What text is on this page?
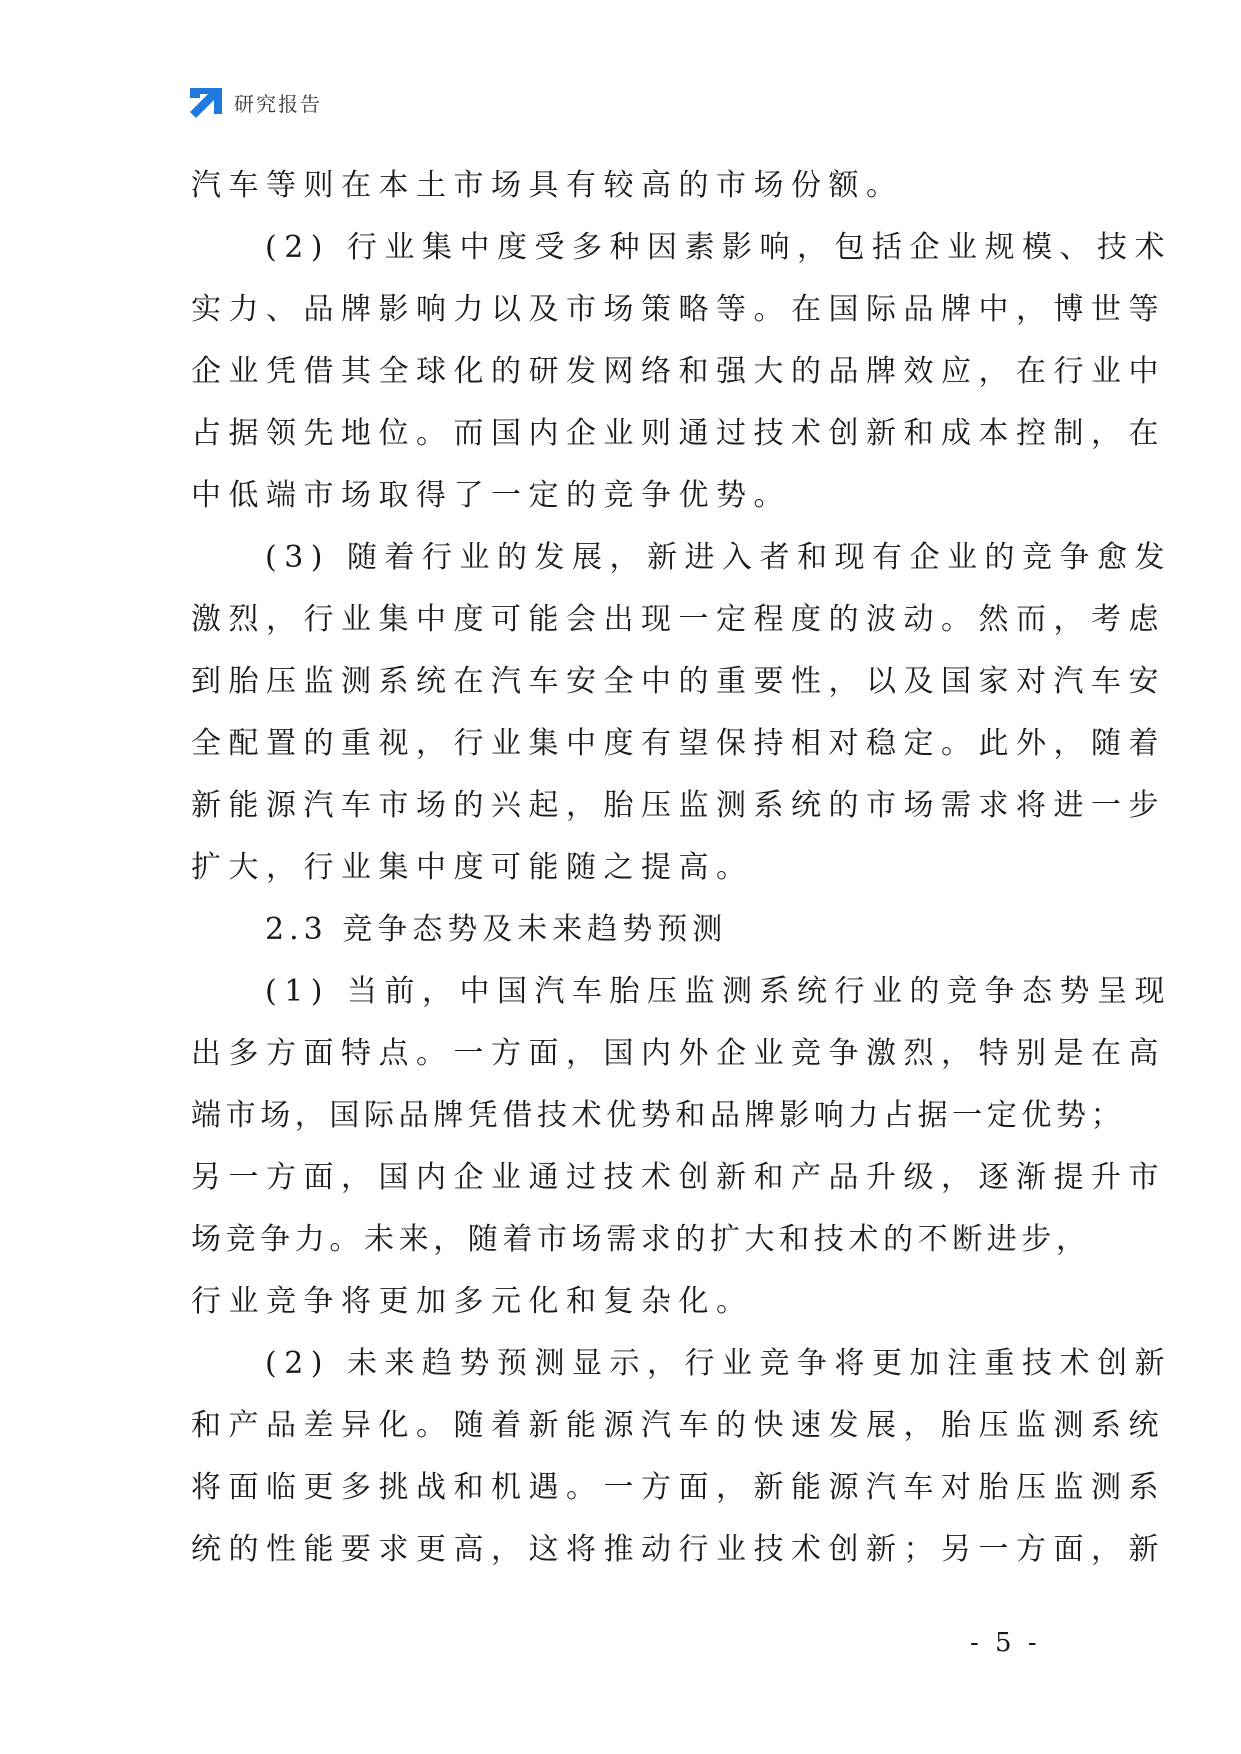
研究报告
汽车等则在本土市场具有较高的市场份额。
(2) 行业集中度受多种因素影响，包括企业规模、技术
实力、品牌影响力以及市场策略等。在国际品牌中，博世等
企业凭借其全球化的研发网络和强大的品牌效应，在行业中
占据领先地位。而国内企业则通过技术创新和成本控制，在
中低端市场取得了一定的竞争优势。
(3) 随着行业的发展，新进入者和现有企业的竞争愈发
激烈，行业集中度可能会出现一定程度的波动。然而，考虑
到胎压监测系统在汽车安全中的重要性，以及国家对汽车安
全配置的重视，行业集中度有望保持相对稳定。此外，随着
新能源汽车市场的兴起，胎压监测系统的市场需求将进一步
扩大，行业集中度可能随之提高。
2.3 竞争态势及未来趋势预测
(1) 当前，中国汽车胎压监测系统行业的竞争态势呈现
出多方面特点。一方面，国内外企业竞争激烈，特别是在高
端市场，国际品牌凭借技术优势和品牌影响力占据一定优势；
另一方面，国内企业通过技术创新和产品升级，逐渐提升市
场竞争力。未来，随着市场需求的扩大和技术的不断进步，
行业竞争将更加多元化和复杂化。
(2) 未来趋势预测显示，行业竞争将更加注重技术创新
和产品差异化。随着新能源汽车的快速发展，胎压监测系统
将面临更多挑战和机遇。一方面，新能源汽车对胎压监测系
统的性能要求更高，这将推动行业技术创新；另一方面，新
- 5 -
